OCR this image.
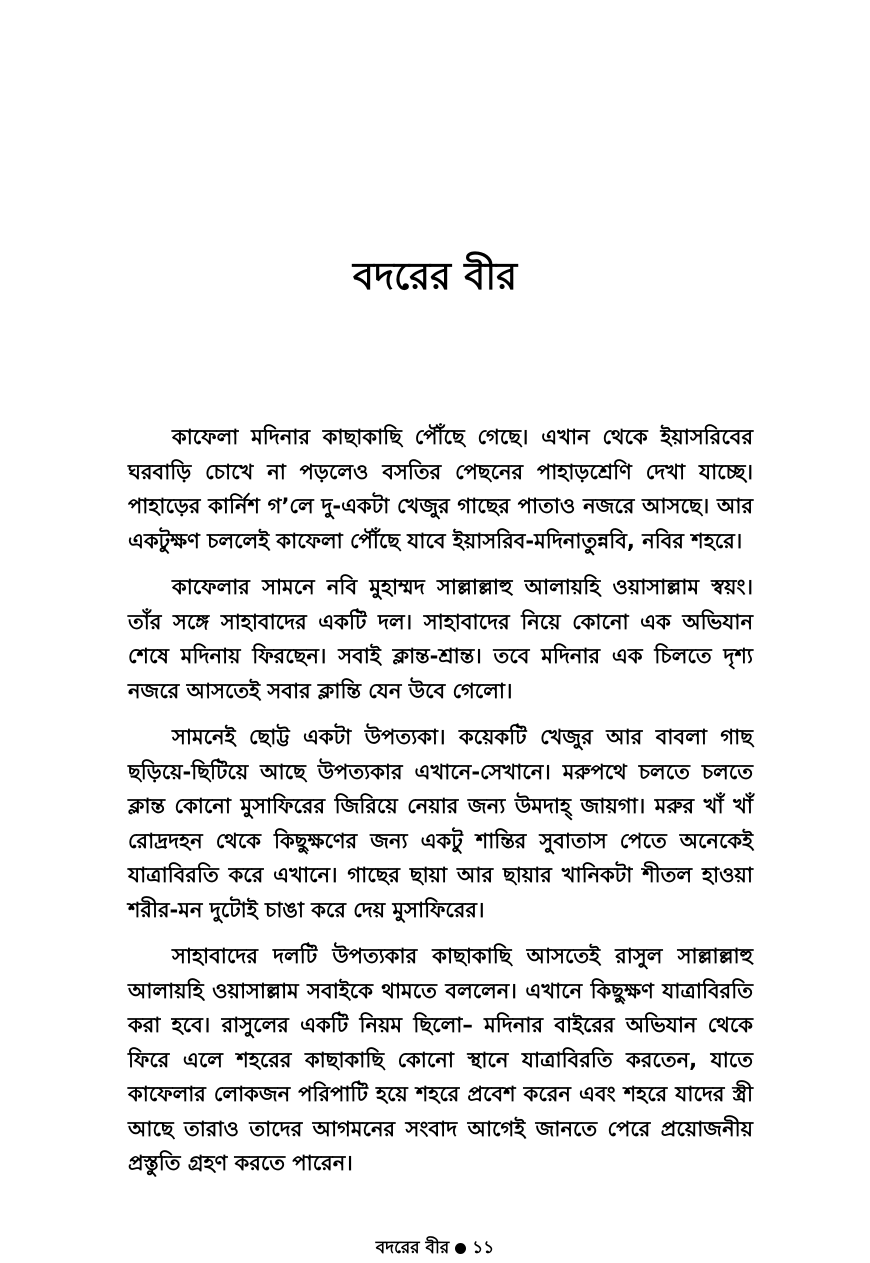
বদরের বীর

কাফেলা মদিনার কাছাকাছি পৌঁছে গেছে। এখান থেকে ইয়াসরিবের ঘরবাড়ি চোখে না পড়লেও বসতির পেছনের পাহাড়শ্রেণি দেখা যাচ্ছে। পাহাড়ের কার্নিশ গ’লে দু-একটা খেজুর গাছের পাতাও নজরে আসছে। আর একটুক্ষণ চললেই কাফেলা পৌঁছে যাবে ইয়াসরিব-মদিনাতুন্নবি, নবির শহরে।

কাফেলার সামনে নবি মুহাম্মদ সাল্লাল্লাহু আলায়হি ওয়াসাল্লাম স্বয়ং। তাঁর সঙ্গে সাহাবাদের একটি দল। সাহাবাদের নিয়ে কোনো এক অভিযান শেষে মদিনায় ফিরছেন। সবাই ক্লান্ত-শ্রান্ত। তবে মদিনার এক চিলতে দৃশ্য নজরে আসতেই সবার ক্লান্তি যেন উবে গেলো।

সামনেই ছোট্ট একটা উপত্যকা। কয়েকটি খেজুর আর বাবলা গাছ ছড়িয়ে-ছিটিয়ে আছে উপত্যকার এখানে-সেখানে। মরুপথে চলতে চলতে ক্লান্ত কোনো মুসাফিরের জিরিয়ে নেয়ার জন্য উমদাহ্ জায়গা। মরুর খাঁ খাঁ রোদ্রদহন থেকে কিছুক্ষণের জন্য একটু শান্তির সুবাতাস পেতে অনেকেই যাত্রাবিরতি করে এখানে। গাছের ছায়া আর ছায়ার খানিকটা শীতল হাওয়া শরীর-মন দুটোই চাঙা করে দেয় মুসাফিরের।

সাহাবাদের দলটি উপত্যকার কাছাকাছি আসতেই রাসুল সাল্লাল্লাহু আলায়হি ওয়াসাল্লাম সবাইকে থামতে বললেন। এখানে কিছুক্ষণ যাত্রাবিরতি করা হবে। রাসুলের একটি নিয়ম ছিলো– মদিনার বাইরের অভিযান থেকে ফিরে এলে শহরের কাছাকাছি কোনো স্থানে যাত্রাবিরতি করতেন, যাতে কাফেলার লোকজন পরিপাটি হয়ে শহরে প্রবেশ করেন এবং শহরে যাদের স্ত্রী আছে তারাও তাদের আগমনের সংবাদ আগেই জানতে পেরে প্রয়োজনীয় প্রস্তুতি গ্রহণ করতে পারেন।

বদরের বীর ১১
